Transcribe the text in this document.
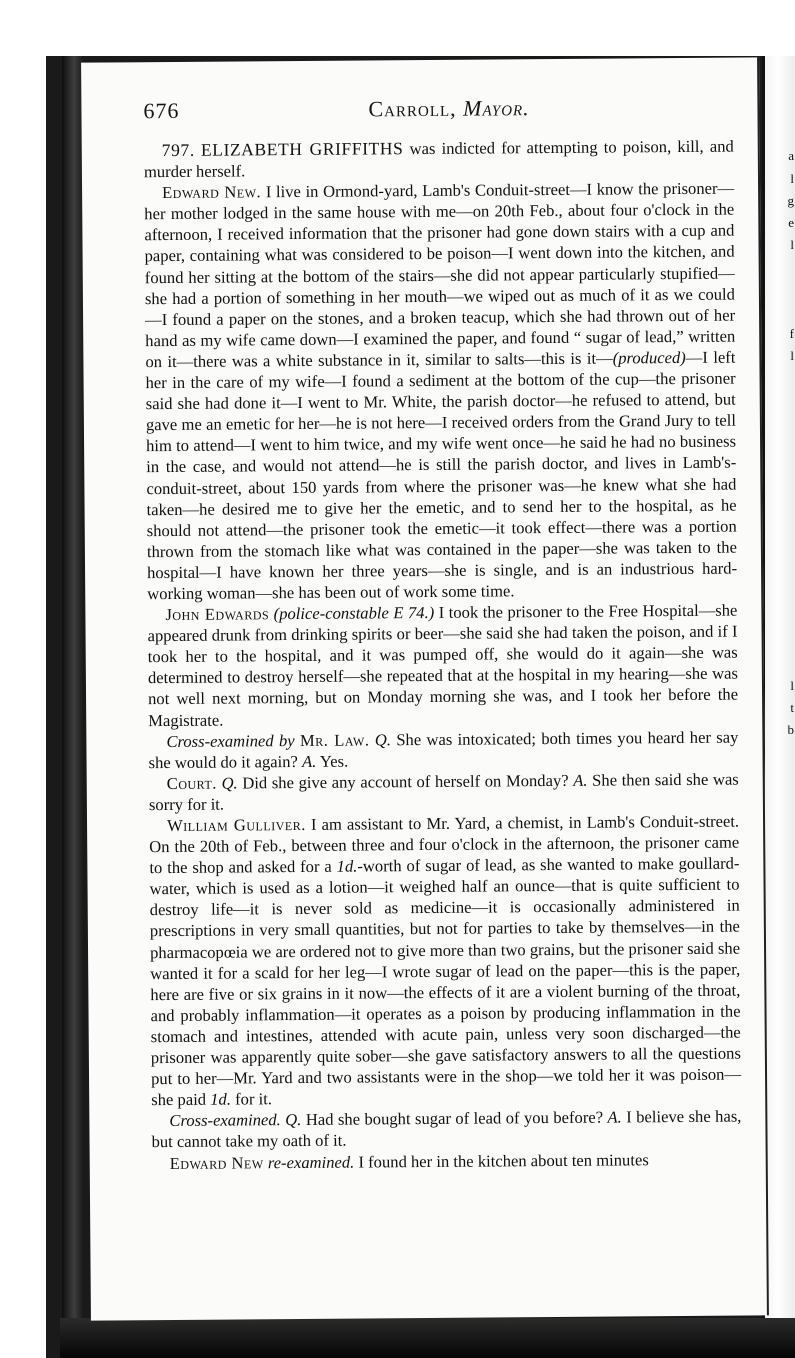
a
l
g
e
l
f
l
l
t
b
676	Carroll, Mayor.

797. ELIZABETH GRIFFITHS was indicted for attempting to poison, kill, and murder herself.

Edward New. I live in Ormond-yard, Lamb's Conduit-street—I know the prisoner—her mother lodged in the same house with me—on 20th Feb., about four o'clock in the afternoon, I received information that the prisoner had gone down stairs with a cup and paper, containing what was considered to be poison—I went down into the kitchen, and found her sitting at the bottom of the stairs—she did not appear particularly stupified—she had a portion of something in her mouth—we wiped out as much of it as we could —I found a paper on the stones, and a broken teacup, which she had thrown out of her hand as my wife came down—I examined the paper, and found “ sugar of lead,” written on it—there was a white substance in it, similar to salts—this is it—(produced)—I left her in the care of my wife—I found a sediment at the bottom of the cup—the prisoner said she had done it—I went to Mr. White, the parish doctor—he refused to attend, but gave me an emetic for her—he is not here—I received orders from the Grand Jury to tell him to attend—I went to him twice, and my wife went once—he said he had no business in the case, and would not attend—he is still the parish doctor, and lives in Lamb's-conduit-street, about 150 yards from where the prisoner was—he knew what she had taken—he desired me to give her the emetic, and to send her to the hospital, as he should not attend—the prisoner took the emetic—it took effect—there was a portion thrown from the stomach like what was contained in the paper—she was taken to the hospital—I have known her three years—she is single, and is an industrious hard-working woman—she has been out of work some time.

John Edwards (police-constable E 74.) I took the prisoner to the Free Hospital—she appeared drunk from drinking spirits or beer—she said she had taken the poison, and if I took her to the hospital, and it was pumped off, she would do it again—she was determined to destroy herself—she repeated that at the hospital in my hearing—she was not well next morning, but on Monday morning she was, and I took her before the Magistrate.

Cross-examined by Mr. Law. Q. She was intoxicated; both times you heard her say she would do it again? A. Yes.

Court. Q. Did she give any account of herself on Monday? A. She then said she was sorry for it.

William Gulliver. I am assistant to Mr. Yard, a chemist, in Lamb's Conduit-street. On the 20th of Feb., between three and four o'clock in the afternoon, the prisoner came to the shop and asked for a 1d.-worth of sugar of lead, as she wanted to make goullard-water, which is used as a lotion—it weighed half an ounce—that is quite sufficient to destroy life—it is never sold as medicine—it is occasionally administered in prescriptions in very small quantities, but not for parties to take by themselves—in the pharmacopœia we are ordered not to give more than two grains, but the prisoner said she wanted it for a scald for her leg—I wrote sugar of lead on the paper—this is the paper, here are five or six grains in it now—the effects of it are a violent burning of the throat, and probably inflammation—it operates as a poison by producing inflammation in the stomach and intestines, attended with acute pain, unless very soon discharged—the prisoner was apparently quite sober—she gave satisfactory answers to all the questions put to her—Mr. Yard and two assistants were in the shop—we told her it was poison—she paid 1d. for it.

Cross-examined. Q. Had she bought sugar of lead of you before? A. I believe she has, but cannot take my oath of it.

Edward New re-examined. I found her in the kitchen about ten minutes
